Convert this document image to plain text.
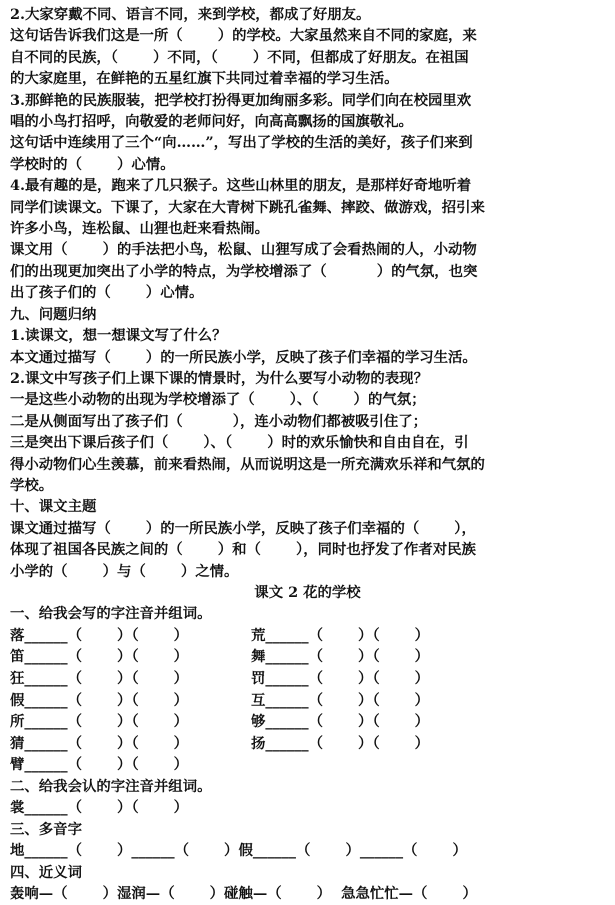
2.大家穿戴不同、语言不同，来到学校，都成了好朋友。
这句话告诉我们这是一所（       ）的学校。大家虽然来自不同的家庭，来
自不同的民族，（       ）不同，（       ）不同，但都成了好朋友。在祖国
的大家庭里，在鲜艳的五星红旗下共同过着幸福的学习生活。
3.那鲜艳的民族服装，把学校打扮得更加绚丽多彩。同学们向在校园里欢
唱的小鸟打招呼，向敬爱的老师问好，向高高飘扬的国旗敬礼。
这句话中连续用了三个“向……”，写出了学校的生活的美好，孩子们来到
学校时的（       ）心情。
4.最有趣的是，跑来了几只猴子。这些山林里的朋友，是那样好奇地听着
同学们读课文。下课了，大家在大青树下跳孔雀舞、摔跤、做游戏，招引来
许多小鸟，连松鼠、山狸也赶来看热闹。
课文用（       ）的手法把小鸟，松鼠、山狸写成了会看热闹的人，小动物
们的出现更加突出了小学的特点，为学校增添了（          ）的气氛，也突
出了孩子们的（       ）心情。
九、问题归纳
1.读课文，想一想课文写了什么？
本文通过描写（       ）的一所民族小学，反映了孩子们幸福的学习生活。
2.课文中写孩子们上课下课的情景时，为什么要写小动物的表现？
一是这些小动物的出现为学校增添了（       ）、（       ）的气氛；
二是从侧面写出了孩子们（          ），连小动物们都被吸引住了；
三是突出下课后孩子们（       ）、（       ）时的欢乐愉快和自由自在，引
得小动物们心生羡慕，前来看热闹，从而说明这是一所充满欢乐祥和气氛的
学校。
十、课文主题
课文通过描写（       ）的一所民族小学，反映了孩子们幸福的（       ），
体现了祖国各民族之间的（       ）和（       ），同时也抒发了作者对民族
小学的（       ）与（       ）之情。
课文 2 花的学校
一、给我会写的字注音并组词。
落______（       ）（       ）	荒______（       ）（       ）
笛______（       ）（       ）	舞______（       ）（       ）
狂______（       ）（       ）	罚______（       ）（       ）
假______（       ）（       ）	互______（       ）（       ）
所______（       ）（       ）	够______（       ）（       ）
猜______（       ）（       ）	扬______（       ）（       ）
臂______（       ）（       ）
二、给我会认的字注音并组词。
裳______（       ）（       ）
三、多音字
地______（       ）______（       ）假______（       ）______（       ）
四、近义词
轰响—（       ）湿润—（       ）碰触—（       ）  急急忙忙—（       ）
